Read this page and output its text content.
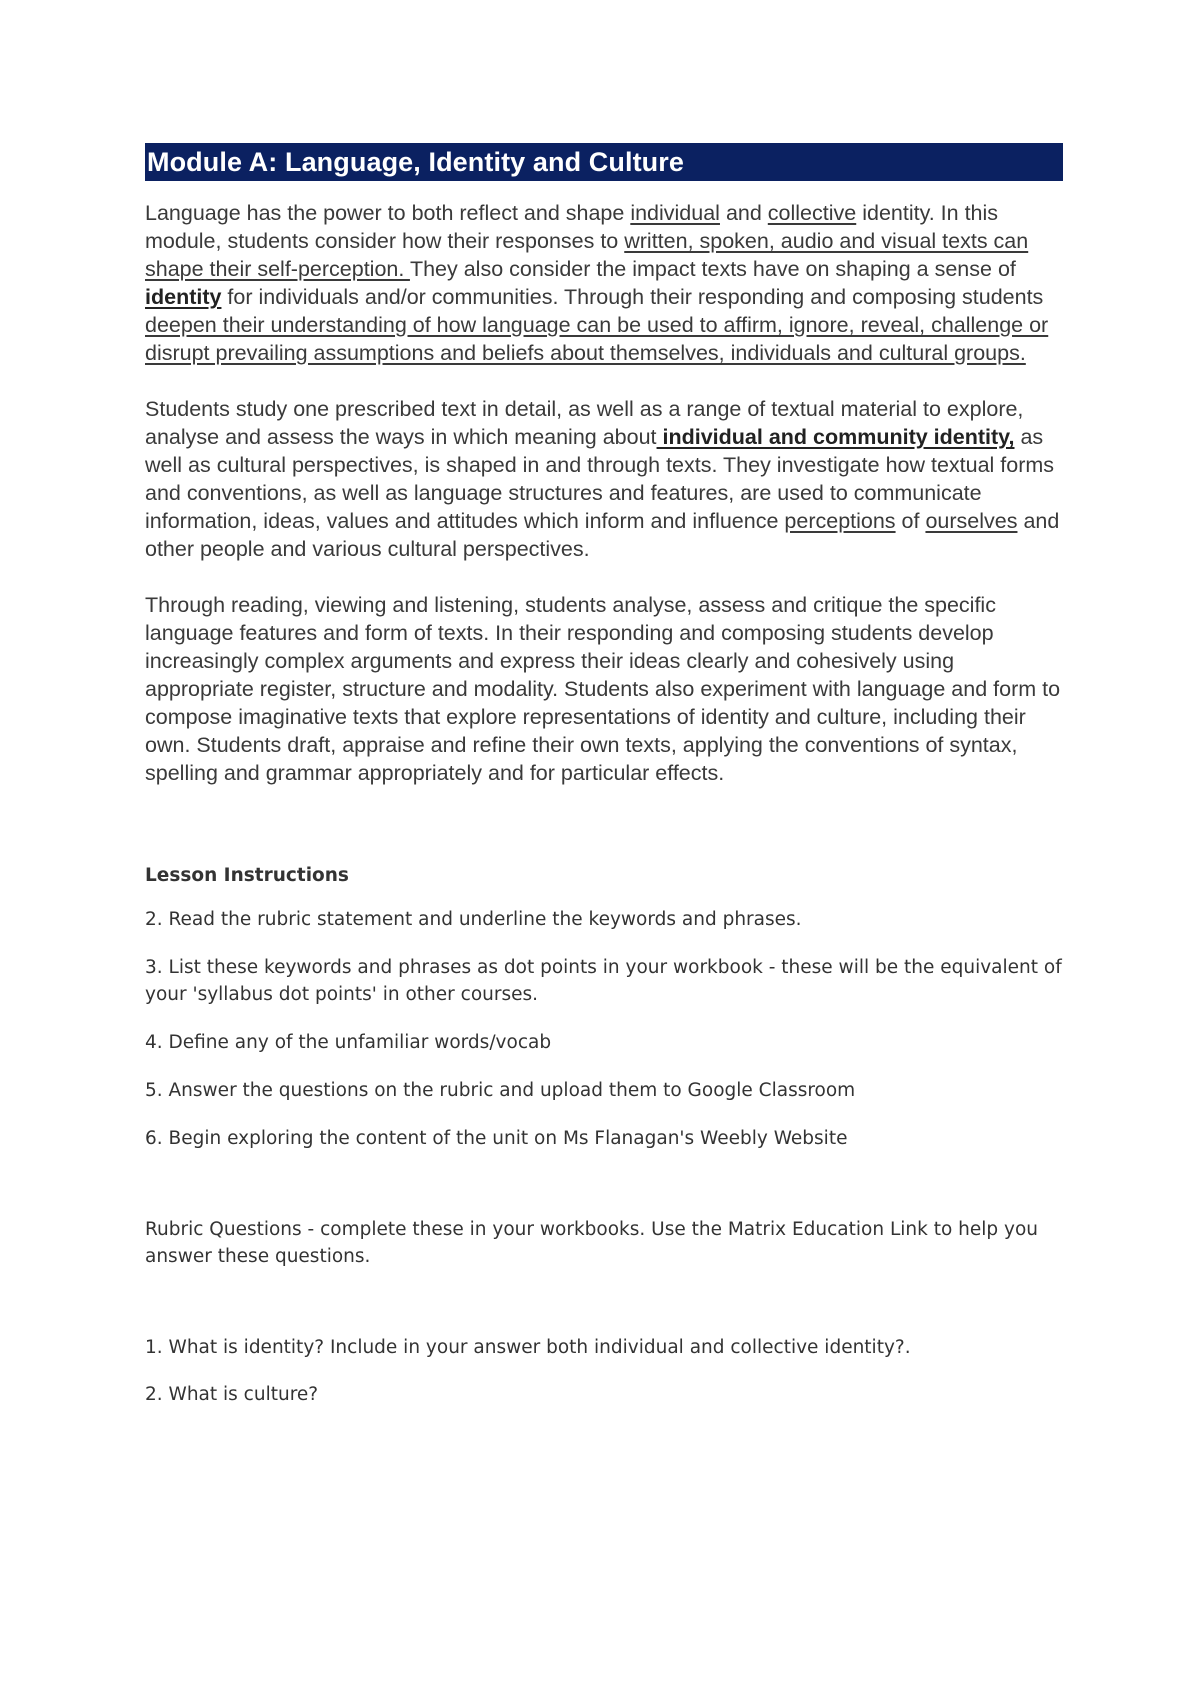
Module A: Language, Identity and Culture

Language has the power to both reflect and shape individual and collective identity. In this module, students consider how their responses to written, spoken, audio and visual texts can shape their self-perception. They also consider the impact texts have on shaping a sense of identity for individuals and/or communities. Through their responding and composing students deepen their understanding of how language can be used to affirm, ignore, reveal, challenge or disrupt prevailing assumptions and beliefs about themselves, individuals and cultural groups.

Students study one prescribed text in detail, as well as a range of textual material to explore, analyse and assess the ways in which meaning about individual and community identity, as well as cultural perspectives, is shaped in and through texts. They investigate how textual forms and conventions, as well as language structures and features, are used to communicate information, ideas, values and attitudes which inform and influence perceptions of ourselves and other people and various cultural perspectives.

Through reading, viewing and listening, students analyse, assess and critique the specific language features and form of texts. In their responding and composing students develop increasingly complex arguments and express their ideas clearly and cohesively using appropriate register, structure and modality. Students also experiment with language and form to compose imaginative texts that explore representations of identity and culture, including their own. Students draft, appraise and refine their own texts, applying the conventions of syntax, spelling and grammar appropriately and for particular effects.

Lesson Instructions
2. Read the rubric statement and underline the keywords and phrases.
3. List these keywords and phrases as dot points in your workbook - these will be the equivalent of your 'syllabus dot points' in other courses.
4. Define any of the unfamiliar words/vocab
5. Answer the questions on the rubric and upload them to Google Classroom
6. Begin exploring the content of the unit on Ms Flanagan's Weebly Website
Rubric Questions - complete these in your workbooks. Use the Matrix Education Link to help you answer these questions.
1. What is identity? Include in your answer both individual and collective identity?.
2. What is culture?
